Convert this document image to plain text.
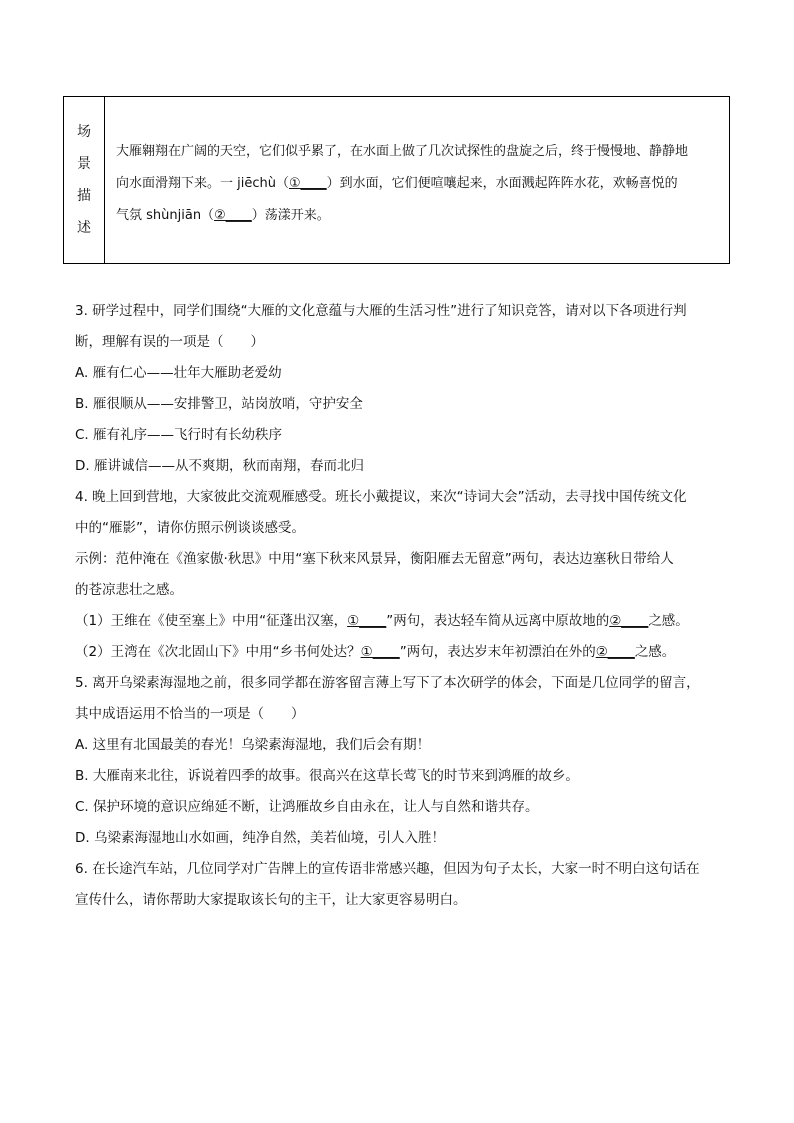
场
景
描
述
大雁翱翔在广阔的天空，它们似乎累了，在水面上做了几次试探性的盘旋之后，终于慢慢地、静静地
向水面滑翔下来。一 jiēchù（①____）到水面，它们便喧嚷起来，水面溅起阵阵水花，欢畅喜悦的
气氛 shùnjiān（②____）荡漾开来。
3. 研学过程中，同学们围绕“大雁的文化意蕴与大雁的生活习性”进行了知识竞答，请对以下各项进行判
断，理解有误的一项是（　　）
A. 雁有仁心——壮年大雁助老爱幼
B. 雁很顺从——安排警卫，站岗放哨，守护安全
C. 雁有礼序——飞行时有长幼秩序
D. 雁讲诚信——从不爽期，秋而南翔，春而北归
4. 晚上回到营地，大家彼此交流观雁感受。班长小戴提议，来次“诗词大会”活动，去寻找中国传统文化
中的“雁影”，请你仿照示例谈谈感受。
示例：范仲淹在《渔家傲·秋思》中用“塞下秋来风景异，衡阳雁去无留意”两句，表达边塞秋日带给人
的苍凉悲壮之感。
（1）王维在《使至塞上》中用“征蓬出汉塞，①____”两句，表达轻车简从远离中原故地的②____之感。
（2）王湾在《次北固山下》中用“乡书何处达？①____”两句，表达岁末年初漂泊在外的②____之感。
5. 离开乌梁素海湿地之前，很多同学都在游客留言薄上写下了本次研学的体会，下面是几位同学的留言，
其中成语运用不恰当的一项是（　　）
A. 这里有北国最美的春光！乌梁素海湿地，我们后会有期！
B. 大雁南来北往，诉说着四季的故事。很高兴在这草长莺飞的时节来到鸿雁的故乡。
C. 保护环境的意识应绵延不断，让鸿雁故乡自由永在，让人与自然和谐共存。
D. 乌梁素海湿地山水如画，纯净自然，美若仙境，引人入胜！
6. 在长途汽车站，几位同学对广告牌上的宣传语非常感兴趣，但因为句子太长，大家一时不明白这句话在
宣传什么，请你帮助大家提取该长句的主干，让大家更容易明白。
